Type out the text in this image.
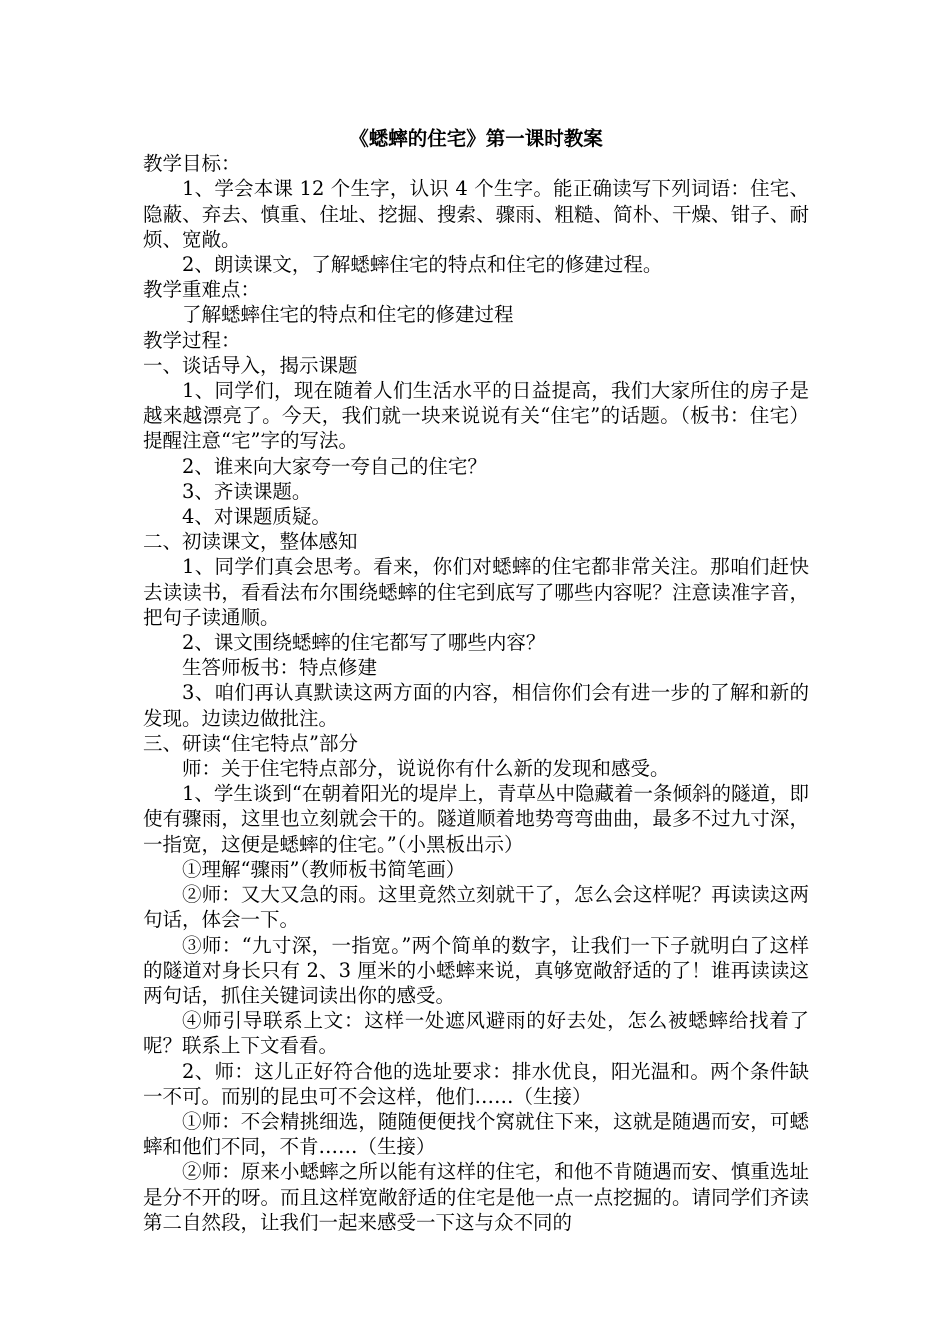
《蟋蟀的住宅》第一课时教案

教学目标：

1、学会本课 12 个生字，认识 4 个生字。能正确读写下列词语：住宅、隐蔽、弃去、慎重、住址、挖掘、搜索、骤雨、粗糙、简朴、干燥、钳子、耐烦、宽敞。

2、朗读课文，了解蟋蟀住宅的特点和住宅的修建过程。

教学重难点：

了解蟋蟀住宅的特点和住宅的修建过程

教学过程：

一、谈话导入，揭示课题

1、同学们，现在随着人们生活水平的日益提高，我们大家所住的房子是越来越漂亮了。今天，我们就一块来说说有关“住宅”的话题。（板书：住宅）提醒注意“宅”字的写法。

2、谁来向大家夸一夸自己的住宅？

3、齐读课题。

4、对课题质疑。

二、初读课文，整体感知

1、同学们真会思考。看来，你们对蟋蟀的住宅都非常关注。那咱们赶快去读读书，看看法布尔围绕蟋蟀的住宅到底写了哪些内容呢？注意读准字音，把句子读通顺。

2、课文围绕蟋蟀的住宅都写了哪些内容？

生答师板书：特点修建

3、咱们再认真默读这两方面的内容，相信你们会有进一步的了解和新的发现。边读边做批注。

三、研读“住宅特点”部分

师：关于住宅特点部分，说说你有什么新的发现和感受。

1、学生谈到“在朝着阳光的堤岸上，青草丛中隐藏着一条倾斜的隧道，即使有骤雨，这里也立刻就会干的。隧道顺着地势弯弯曲曲，最多不过九寸深，一指宽，这便是蟋蟀的住宅。”（小黑板出示）

①理解“骤雨”（教师板书简笔画）

②师：又大又急的雨。这里竟然立刻就干了，怎么会这样呢？再读读这两句话，体会一下。

③师：“九寸深，一指宽。”两个简单的数字，让我们一下子就明白了这样的隧道对身长只有 2、3 厘米的小蟋蟀来说，真够宽敞舒适的了！谁再读读这两句话，抓住关键词读出你的感受。

④师引导联系上文：这样一处遮风避雨的好去处，怎么被蟋蟀给找着了呢？联系上下文看看。

2、师：这儿正好符合他的选址要求：排水优良，阳光温和。两个条件缺一不可。而别的昆虫可不会这样，他们……（生接）

①师：不会精挑细选，随随便便找个窝就住下来，这就是随遇而安，可蟋蟀和他们不同，不肯……（生接）

②师：原来小蟋蟀之所以能有这样的住宅，和他不肯随遇而安、慎重选址是分不开的呀。而且这样宽敞舒适的住宅是他一点一点挖掘的。请同学们齐读第二自然段，让我们一起来感受一下这与众不同的
